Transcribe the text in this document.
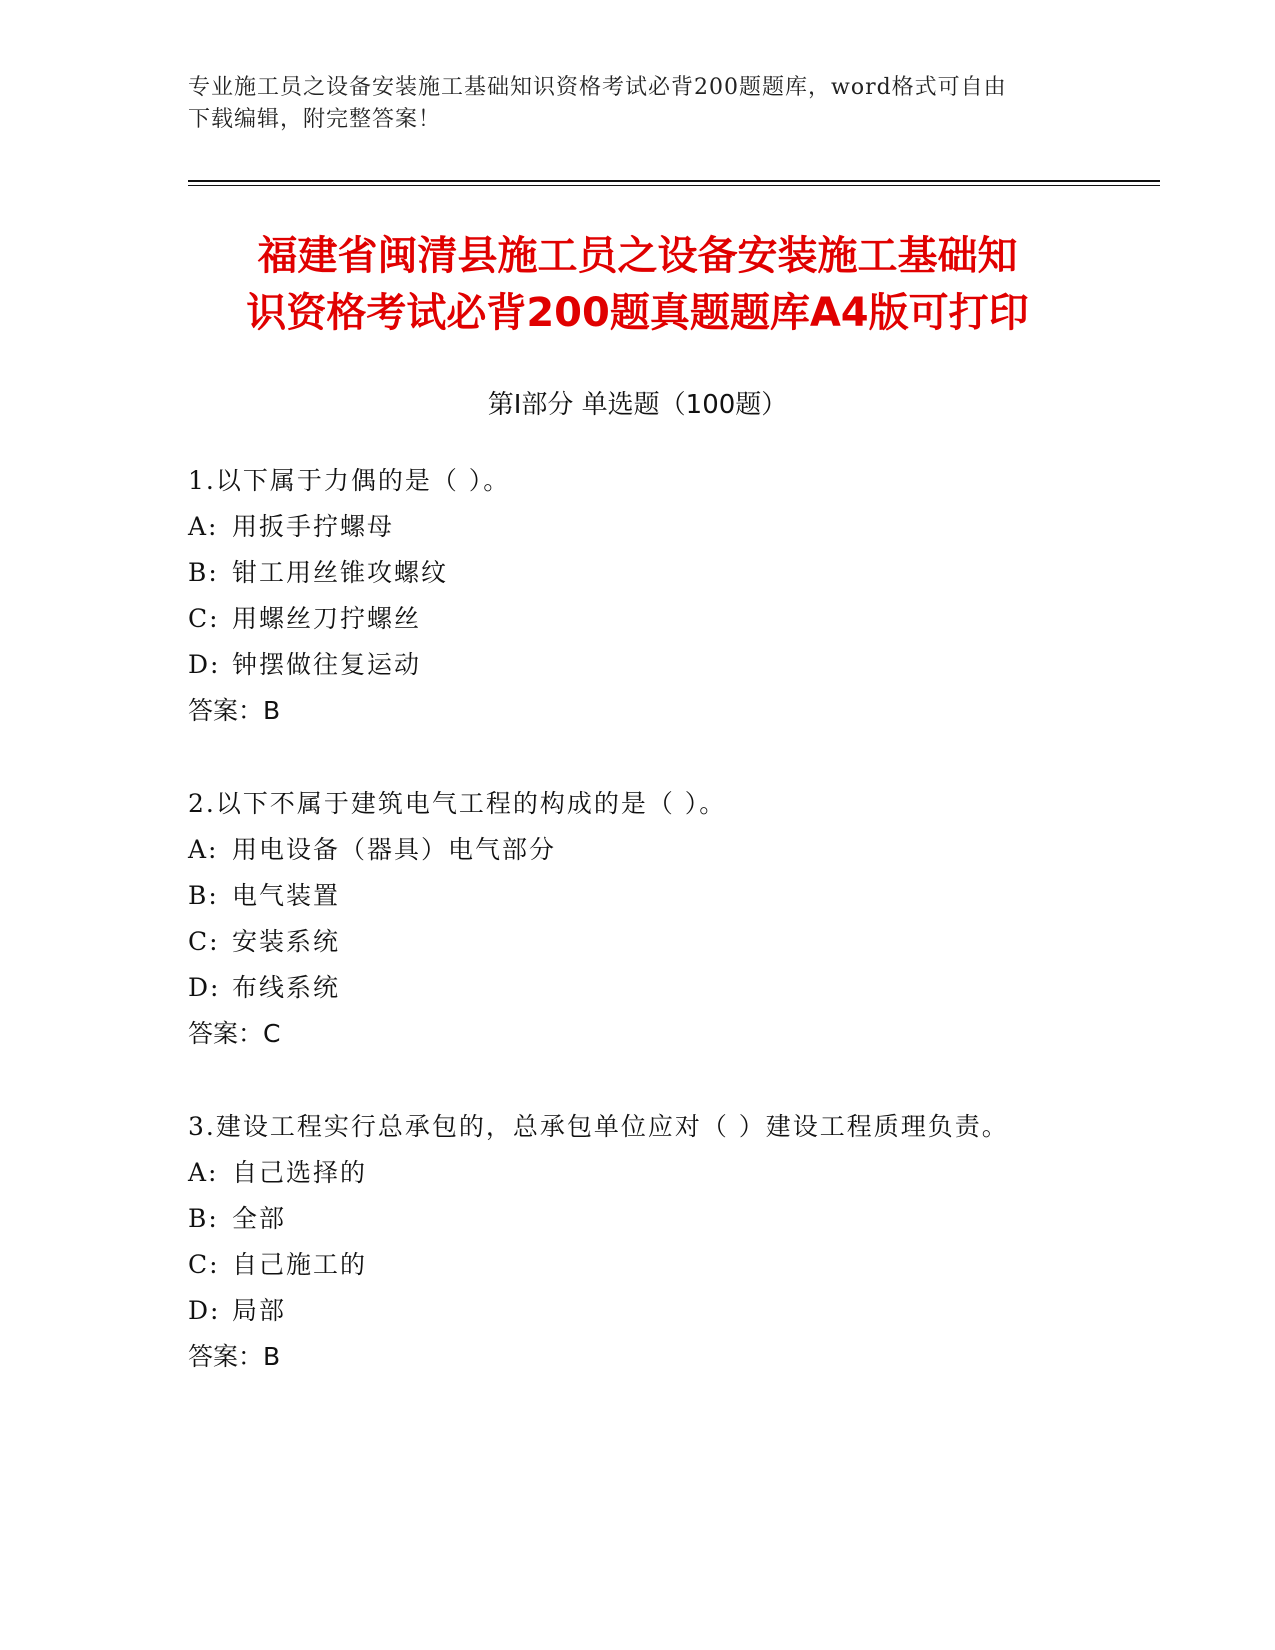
专业施工员之设备安装施工基础知识资格考试必背200题题库，word格式可自由
下载编辑，附完整答案！
福建省闽清县施工员之设备安装施工基础知
识资格考试必背200题真题题库A4版可打印
第Ⅰ部分 单选题（100题）
1.以下属于力偶的是（ ）。
A: 用扳手拧螺母
B: 钳工用丝锥攻螺纹
C: 用螺丝刀拧螺丝
D: 钟摆做往复运动
答案：B
2.以下不属于建筑电气工程的构成的是（ ）。
A: 用电设备（器具）电气部分
B: 电气装置
C: 安装系统
D: 布线系统
答案：C
3.建设工程实行总承包的，总承包单位应对（ ）建设工程质理负责。
A: 自己选择的
B: 全部
C: 自己施工的
D: 局部
答案：B
